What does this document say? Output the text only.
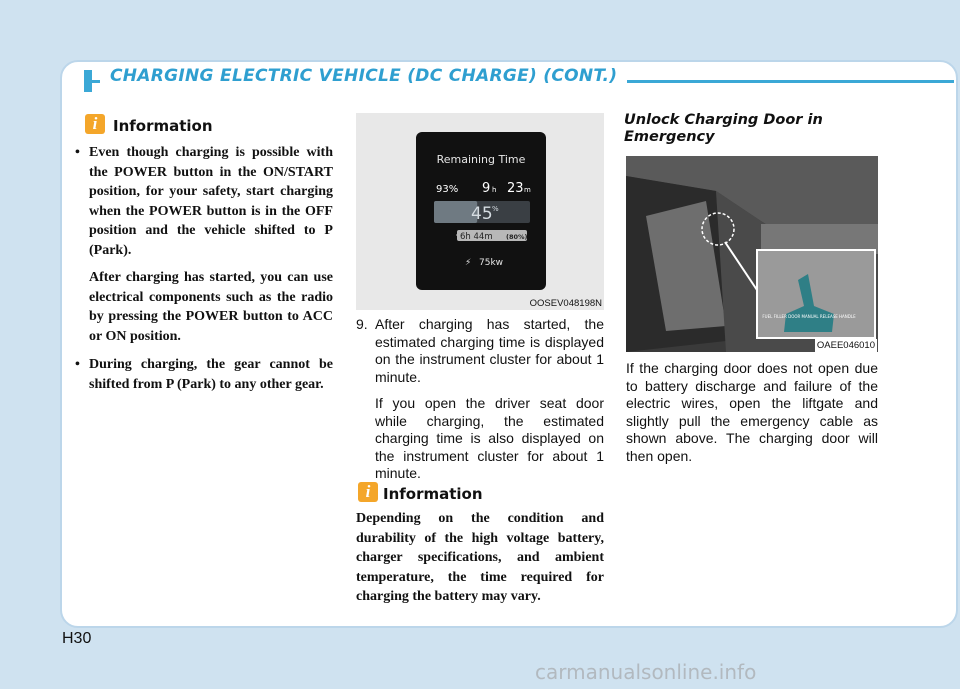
CHARGING ELECTRIC VEHICLE (DC CHARGE) (CONT.)
i	Information
• Even though charging is possible with the POWER button in the ON/START position, for your safety, start charging when the POWER button is in the OFF position and the vehicle shifted to P (Park).

After charging has started, you can use electrical components such as the radio by pressing the POWER button to ACC or ON position.

• During charging, the gear cannot be shifted from P (Park) to any other gear.
Remaining Time
93% 9 h 23 m
45 %
6h 44m (80%)
⚡ 75kw
OOSEV048198N
9. After charging has started, the estimated charging time is displayed on the instrument cluster for about 1 minute.

If you open the driver seat door while charging, the estimated charging time is also displayed on the instrument cluster for about 1 minute.

i Information
Depending on the condition and durability of the high voltage battery, charger specifications, and ambient temperature, the time required for charging the battery may vary.
Unlock Charging Door in Emergency
FUEL FILLER DOOR MANUAL RELEASE HANDLE
OAEE046010
If the charging door does not open due to battery discharge and failure of the electric wires, open the liftgate and slightly pull the emergency cable as shown above. The charging door will then open.
H30
carmanualsonline.info
